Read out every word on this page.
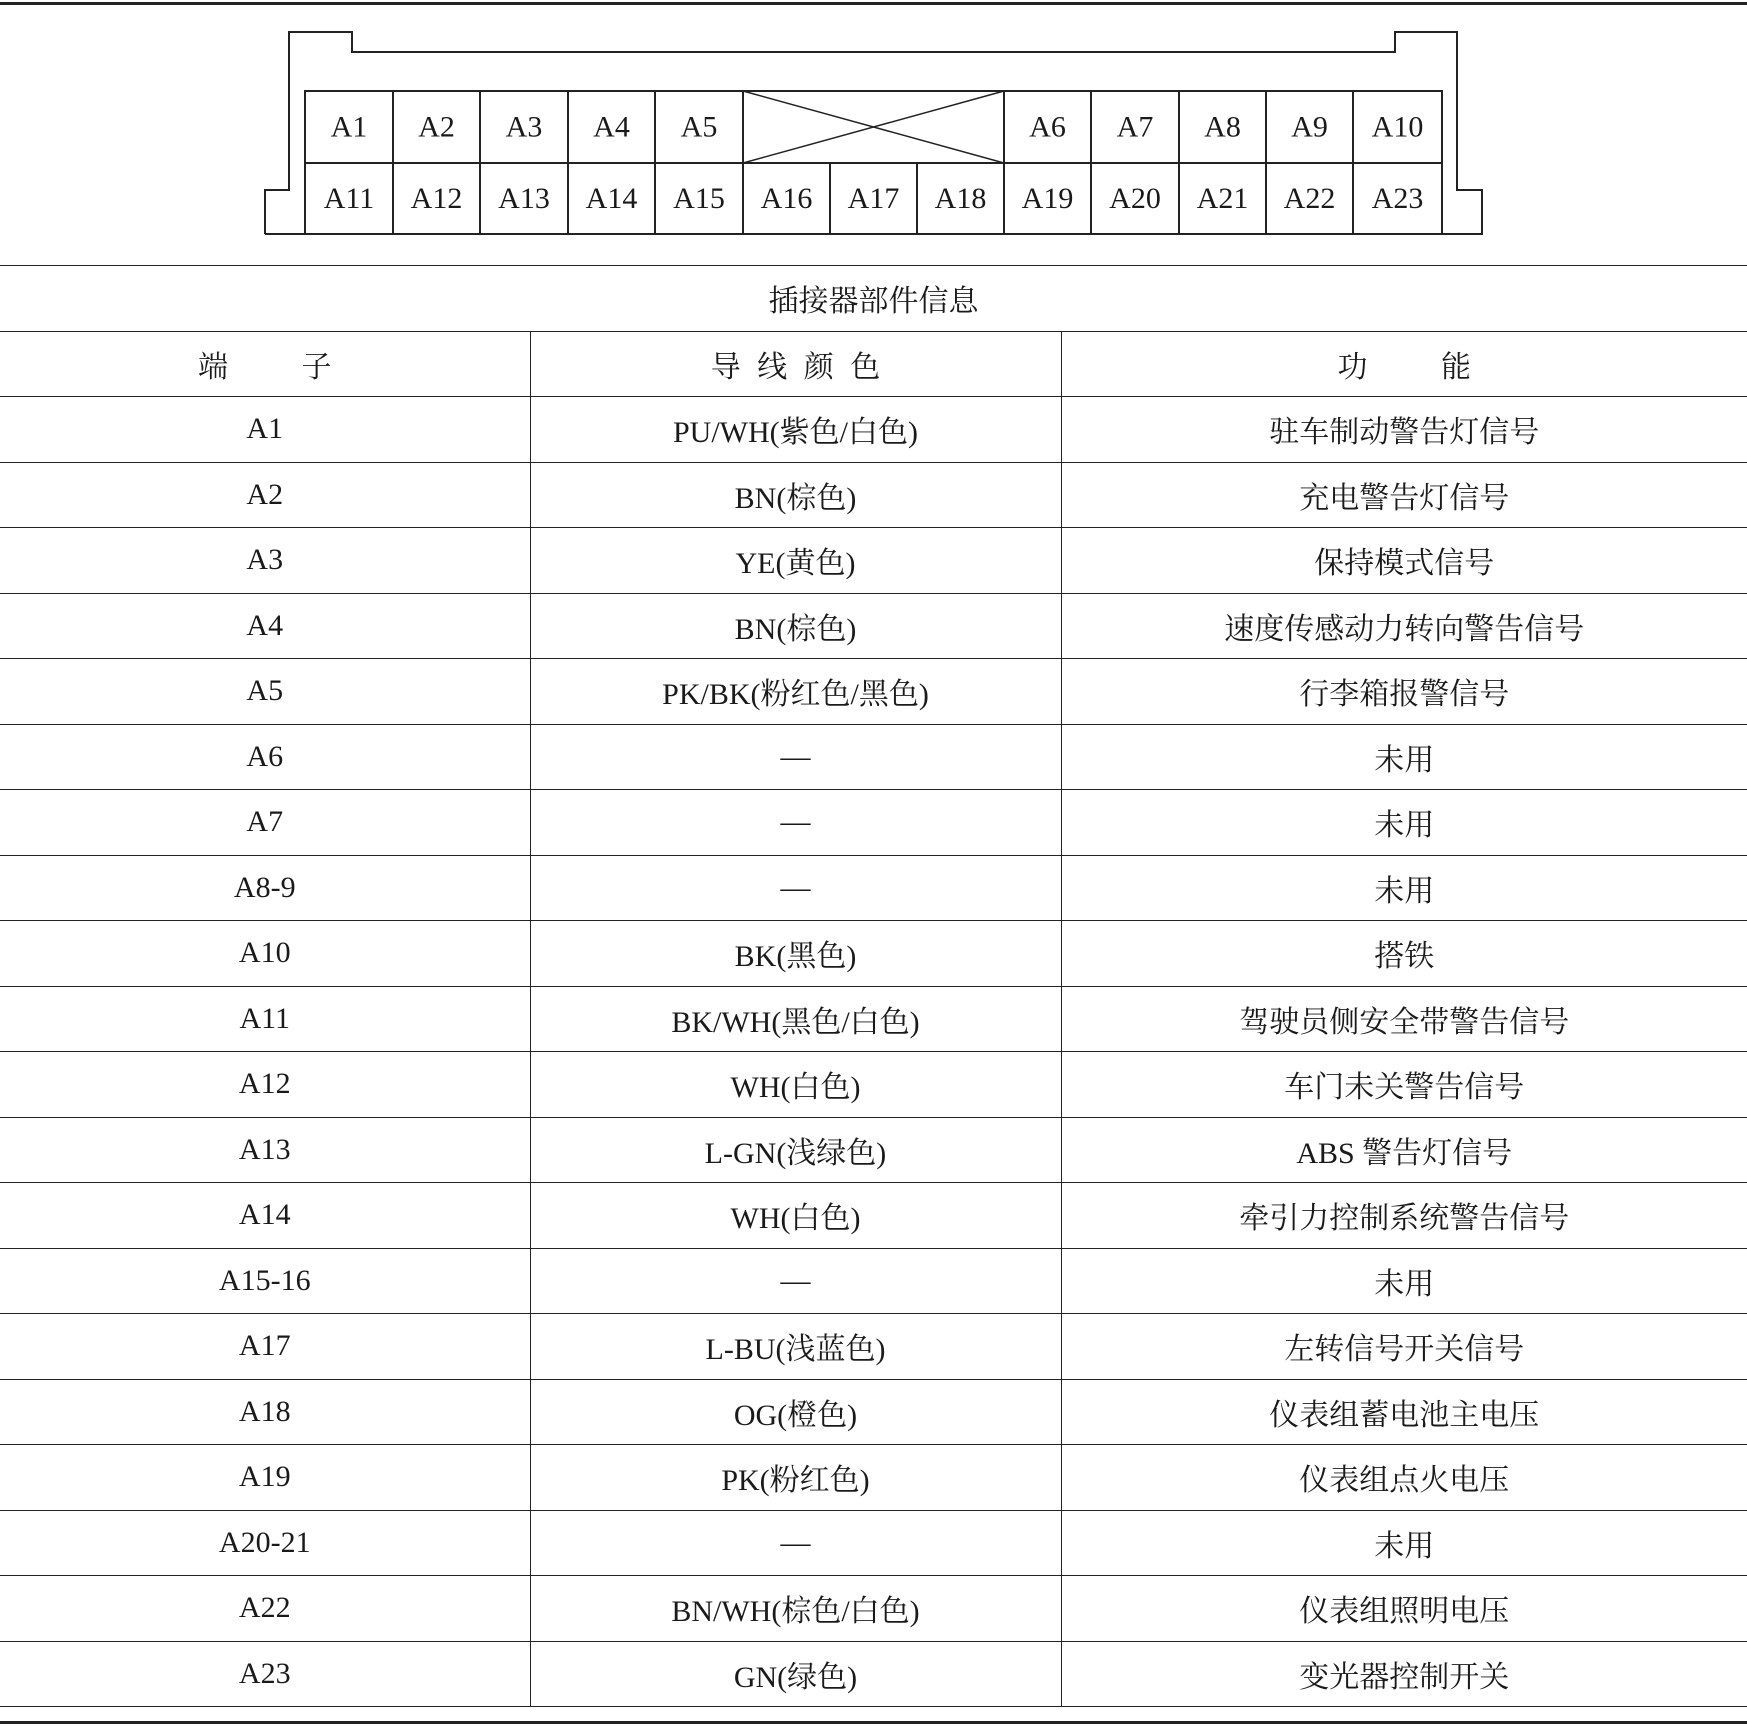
A1 A2 A3 A4 A5	A6 A7 A8 A9 A10
A11 A12 A13 A14 A15 A16 A17 A18 A19 A20 A21 A22 A23
插接器部件信息		
端 子	导 线 颜 色	功 能
A1	PU/WH(紫色/白色)	驻车制动警告灯信号
A2	BN(棕色)	充电警告灯信号
A3	YE(黄色)	保持模式信号
A4	BN(棕色)	速度传感动力转向警告信号
A5	PK/BK(粉红色/黑色)	行李箱报警信号
A6	—	未用
A7	—	未用
A8-9	—	未用
A10	BK(黑色)	搭铁
A11	BK/WH(黑色/白色)	驾驶员侧安全带警告信号
A12	WH(白色)	车门未关警告信号
A13	L-GN(浅绿色)	ABS 警告灯信号
A14	WH(白色)	牵引力控制系统警告信号
A15-16	—	未用
A17	L-BU(浅蓝色)	左转信号开关信号
A18	OG(橙色)	仪表组蓄电池主电压
A19	PK(粉红色)	仪表组点火电压
A20-21	—	未用
A22	BN/WH(棕色/白色)	仪表组照明电压
A23	GN(绿色)	变光器控制开关
